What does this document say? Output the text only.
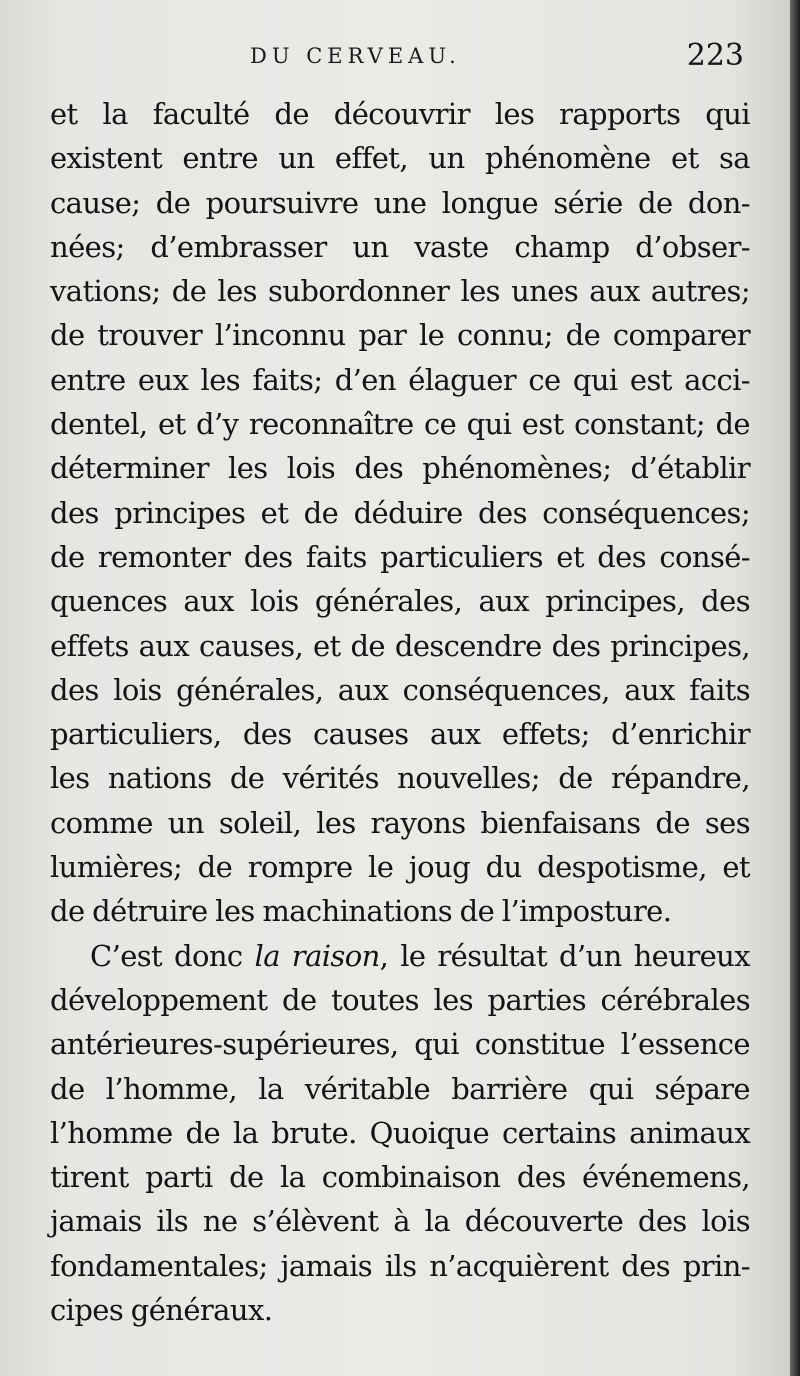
DU CERVEAU.	223
et la faculté de découvrir les rapports qui
existent entre un effet, un phénomène et sa
cause; de poursuivre une longue série de don-
nées; d’embrasser un vaste champ d’obser-
vations; de les subordonner les unes aux autres;
de trouver l’inconnu par le connu; de comparer
entre eux les faits; d’en élaguer ce qui est acci-
dentel, et d’y reconnaître ce qui est constant; de
déterminer les lois des phénomènes; d’établir
des principes et de déduire des conséquences;
de remonter des faits particuliers et des consé-
quences aux lois générales, aux principes, des
effets aux causes, et de descendre des principes,
des lois générales, aux conséquences, aux faits
particuliers, des causes aux effets; d’enrichir
les nations de vérités nouvelles; de répandre,
comme un soleil, les rayons bienfaisans de ses
lumières; de rompre le joug du despotisme, et
de détruire les machinations de l’imposture.
C’est donc la raison, le résultat d’un heureux
développement de toutes les parties cérébrales
antérieures-supérieures, qui constitue l’essence
de l’homme, la véritable barrière qui sépare
l’homme de la brute. Quoique certains animaux
tirent parti de la combinaison des événemens,
jamais ils ne s’élèvent à la découverte des lois
fondamentales; jamais ils n’acquièrent des prin-
cipes généraux.
